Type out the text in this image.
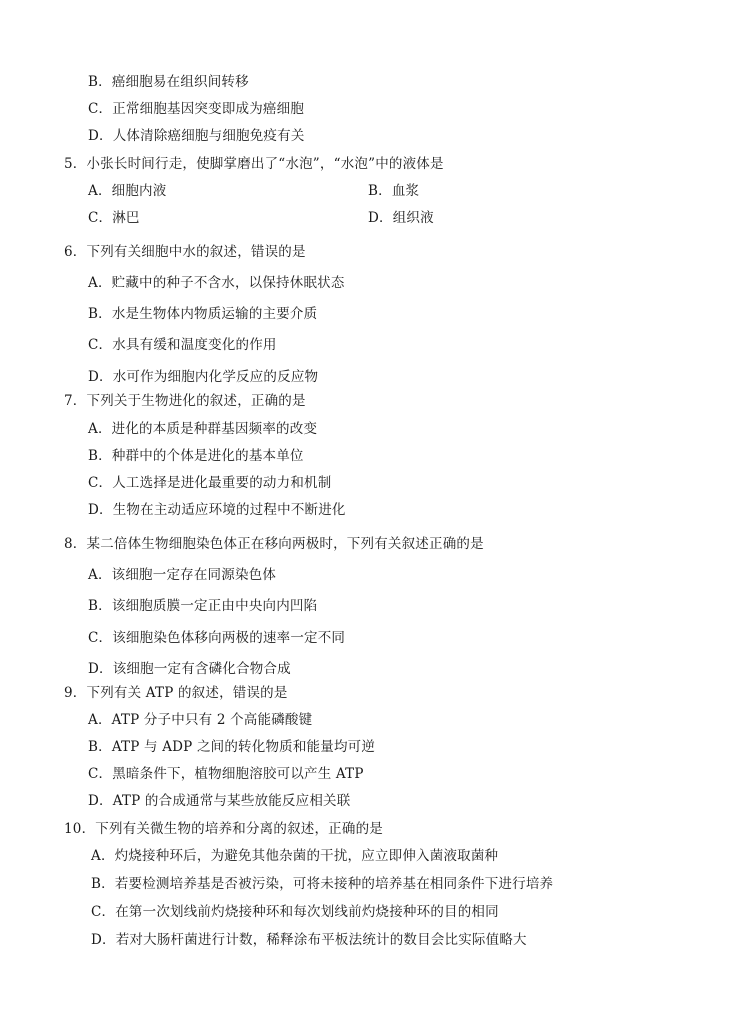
B．癌细胞易在组织间转移
C．正常细胞基因突变即成为癌细胞
D．人体清除癌细胞与细胞免疫有关
5．小张长时间行走，使脚掌磨出了“水泡”，“水泡”中的液体是
A．细胞内液	B．血浆
C．淋巴	D．组织液
6．下列有关细胞中水的叙述，错误的是
A．贮藏中的种子不含水，以保持休眠状态
B．水是生物体内物质运输的主要介质
C．水具有缓和温度变化的作用
D．水可作为细胞内化学反应的反应物
7．下列关于生物进化的叙述，正确的是
A．进化的本质是种群基因频率的改变
B．种群中的个体是进化的基本单位
C．人工选择是进化最重要的动力和机制
D．生物在主动适应环境的过程中不断进化
8．某二倍体生物细胞染色体正在移向两极时，下列有关叙述正确的是
A．该细胞一定存在同源染色体
B．该细胞质膜一定正由中央向内凹陷
C．该细胞染色体移向两极的速率一定不同
D．该细胞一定有含磷化合物合成
9．下列有关 ATP 的叙述，错误的是
A．ATP 分子中只有 2 个高能磷酸键
B．ATP 与 ADP 之间的转化物质和能量均可逆
C．黑暗条件下，植物细胞溶胶可以产生 ATP
D．ATP 的合成通常与某些放能反应相关联
10．下列有关微生物的培养和分离的叙述，正确的是
A．灼烧接种环后，为避免其他杂菌的干扰，应立即伸入菌液取菌种
B．若要检测培养基是否被污染，可将未接种的培养基在相同条件下进行培养
C．在第一次划线前灼烧接种环和每次划线前灼烧接种环的目的相同
D．若对大肠杆菌进行计数，稀释涂布平板法统计的数目会比实际值略大
